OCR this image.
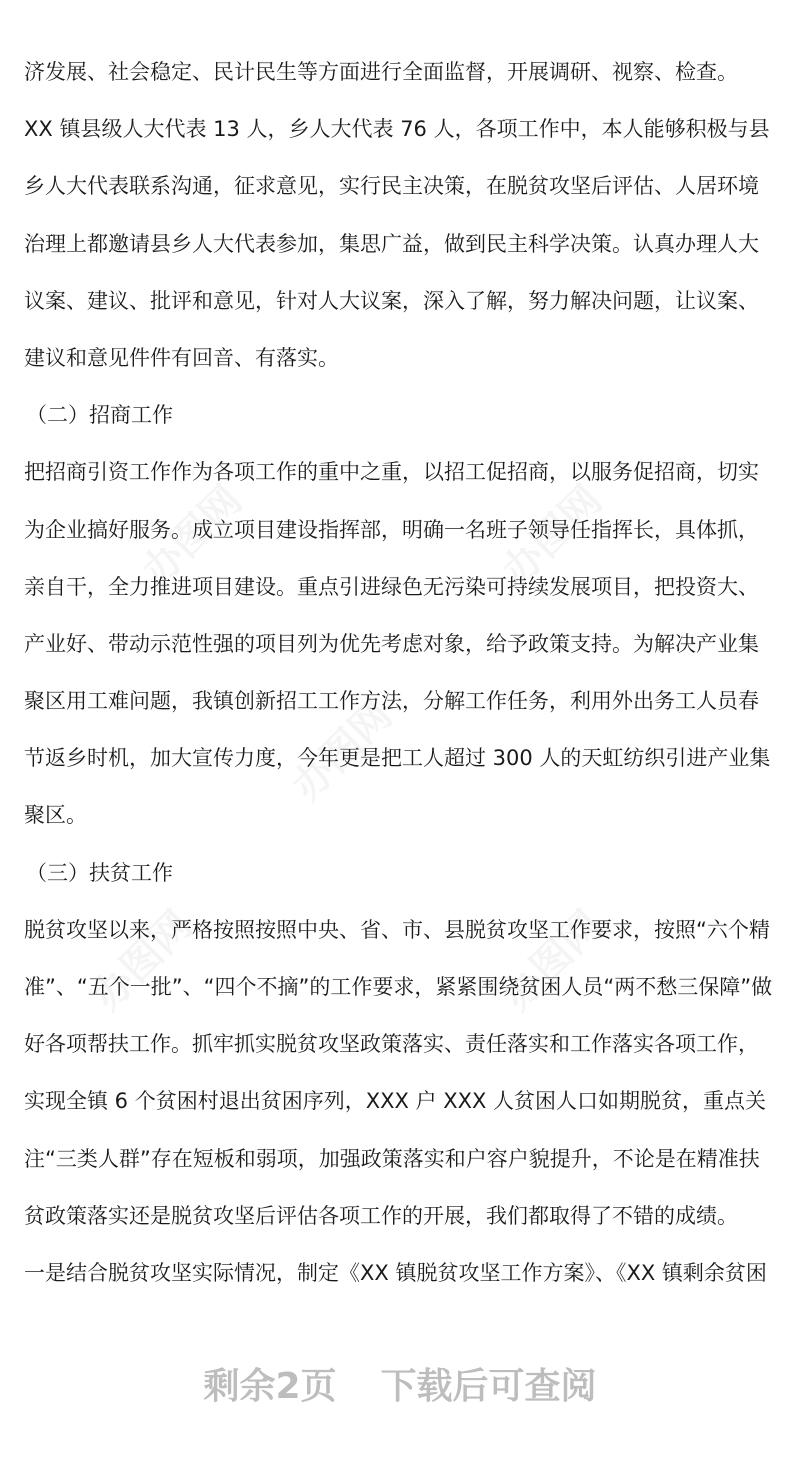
济发展、社会稳定、民计民生等方面进行全面监督，开展调研、视察、检查。
XX 镇县级人大代表 13 人，乡人大代表 76 人，各项工作中，本人能够积极与县
乡人大代表联系沟通，征求意见，实行民主决策，在脱贫攻坚后评估、人居环境
治理上都邀请县乡人大代表参加，集思广益，做到民主科学决策。认真办理人大
议案、建议、批评和意见，针对人大议案，深入了解，努力解决问题，让议案、
建议和意见件件有回音、有落实。
（二）招商工作
把招商引资工作作为各项工作的重中之重，以招工促招商，以服务促招商，切实
为企业搞好服务。成立项目建设指挥部，明确一名班子领导任指挥长，具体抓，
亲自干，全力推进项目建设。重点引进绿色无污染可持续发展项目，把投资大、
产业好、带动示范性强的项目列为优先考虑对象，给予政策支持。为解决产业集
聚区用工难问题，我镇创新招工工作方法，分解工作任务，利用外出务工人员春
节返乡时机，加大宣传力度，今年更是把工人超过 300 人的天虹纺织引进产业集
聚区。
（三）扶贫工作
脱贫攻坚以来，严格按照按照中央、省、市、县脱贫攻坚工作要求，按照“六个精
准”、“五个一批”、“四个不摘”的工作要求，紧紧围绕贫困人员“两不愁三保障”做
好各项帮扶工作。抓牢抓实脱贫攻坚政策落实、责任落实和工作落实各项工作，
实现全镇 6 个贫困村退出贫困序列，XXX 户 XXX 人贫困人口如期脱贫，重点关
注“三类人群”存在短板和弱项，加强政策落实和户容户貌提升，不论是在精准扶
贫政策落实还是脱贫攻坚后评估各项工作的开展，我们都取得了不错的成绩。
一是结合脱贫攻坚实际情况，制定《XX 镇脱贫攻坚工作方案》、《XX 镇剩余贫困
剩余2页 下载后可查阅
